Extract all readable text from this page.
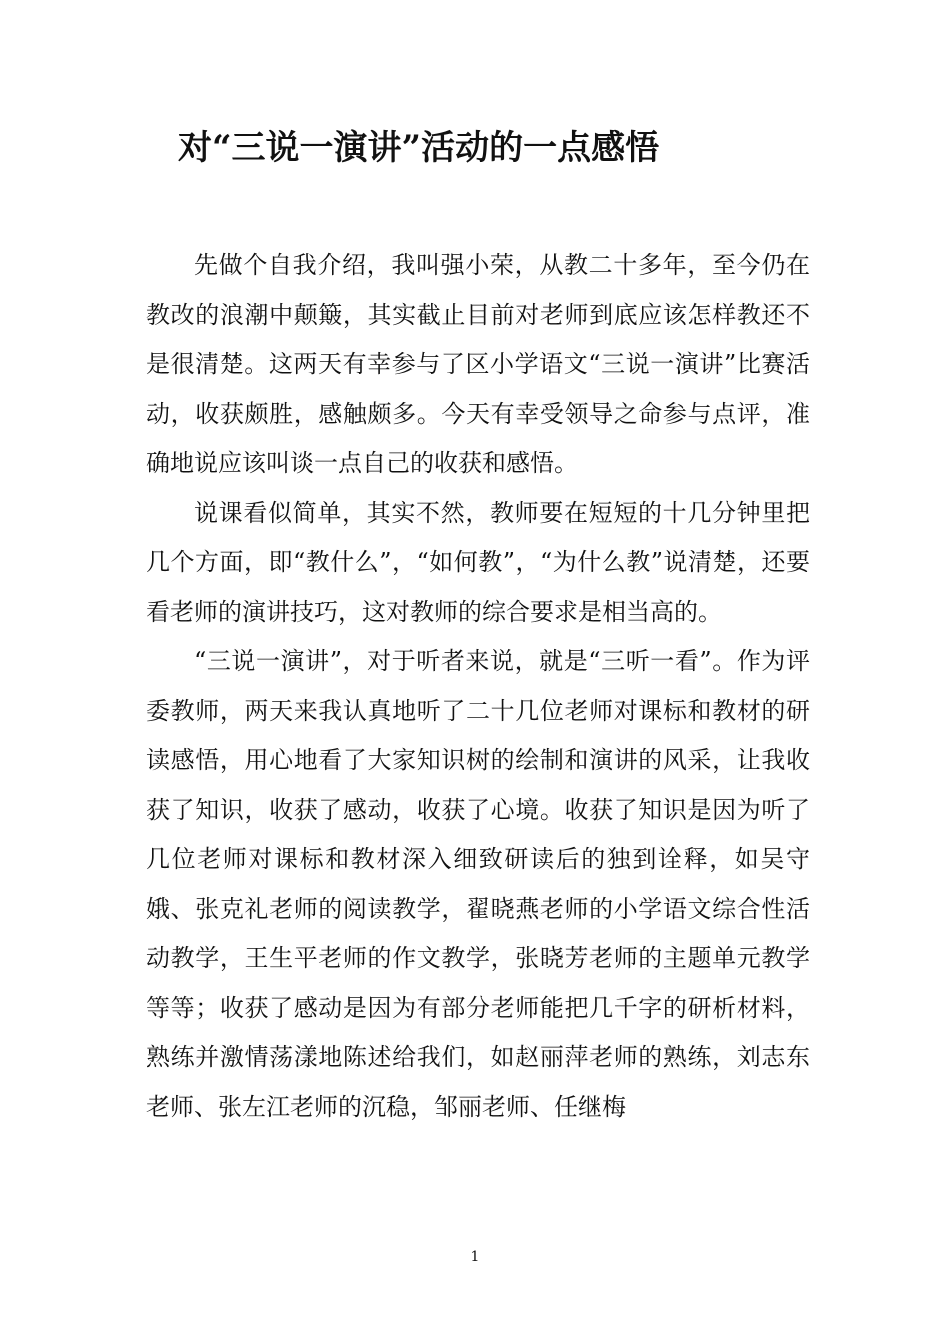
对“三说一演讲”活动的一点感悟

先做个自我介绍，我叫强小荣，从教二十多年，至今仍在教改的浪潮中颠簸，其实截止目前对老师到底应该怎样教还不是很清楚。这两天有幸参与了区小学语文“三说一演讲”比赛活动，收获颇胜，感触颇多。今天有幸受领导之命参与点评，准确地说应该叫谈一点自己的收获和感悟。

说课看似简单，其实不然，教师要在短短的十几分钟里把几个方面，即“教什么”，“如何教”，“为什么教”说清楚，还要看老师的演讲技巧，这对教师的综合要求是相当高的。

“三说一演讲”，对于听者来说，就是“三听一看”。作为评委教师，两天来我认真地听了二十几位老师对课标和教材的研读感悟，用心地看了大家知识树的绘制和演讲的风采，让我收获了知识，收获了感动，收获了心境。收获了知识是因为听了几位老师对课标和教材深入细致研读后的独到诠释，如吴守娥、张克礼老师的阅读教学，翟晓燕老师的小学语文综合性活动教学，王生平老师的作文教学，张晓芳老师的主题单元教学等等；收获了感动是因为有部分老师能把几千字的研析材料，熟练并激情荡漾地陈述给我们，如赵丽萍老师的熟练，刘志东老师、张左江老师的沉稳，邹丽老师、任继梅

1
